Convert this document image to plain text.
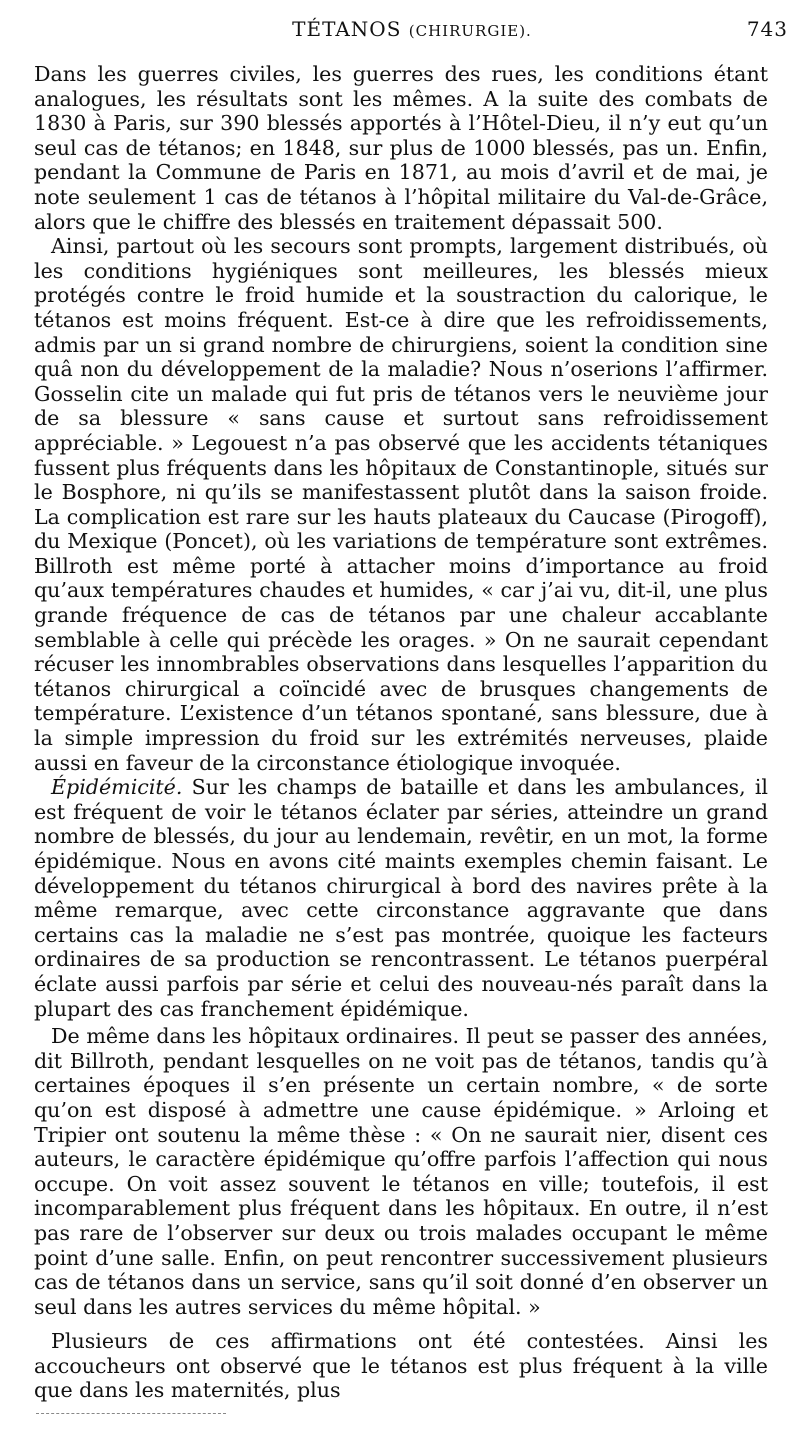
TÉTANOS (CHIRURGIE).	743

Dans les guerres civiles, les guerres des rues, les conditions étant analogues, les résultats sont les mêmes. A la suite des combats de 1830 à Paris, sur 390 blessés apportés à l’Hôtel-Dieu, il n’y eut qu’un seul cas de tétanos; en 1848, sur plus de 1000 blessés, pas un. Enfin, pendant la Commune de Paris en 1871, au mois d’avril et de mai, je note seulement 1 cas de tétanos à l’hôpital militaire du Val-de-Grâce, alors que le chiffre des blessés en traitement dépassait 500.

Ainsi, partout où les secours sont prompts, largement distribués, où les conditions hygiéniques sont meilleures, les blessés mieux protégés contre le froid humide et la soustraction du calorique, le tétanos est moins fréquent. Est-ce à dire que les refroidissements, admis par un si grand nombre de chirurgiens, soient la condition sine quâ non du développement de la maladie? Nous n’oserions l’affirmer. Gosselin cite un malade qui fut pris de tétanos vers le neuvième jour de sa blessure « sans cause et surtout sans refroidissement appréciable. » Legouest n’a pas observé que les accidents tétaniques fussent plus fréquents dans les hôpitaux de Constantinople, situés sur le Bosphore, ni qu’ils se manifestassent plutôt dans la saison froide. La complication est rare sur les hauts plateaux du Caucase (Pirogoff), du Mexique (Poncet), où les variations de température sont extrêmes. Billroth est même porté à attacher moins d’importance au froid qu’aux températures chaudes et humides, « car j’ai vu, dit-il, une plus grande fréquence de cas de tétanos par une chaleur accablante semblable à celle qui précède les orages. » On ne saurait cependant récuser les innombrables observations dans lesquelles l’apparition du tétanos chirurgical a coïncidé avec de brusques changements de température. L’existence d’un tétanos spontané, sans blessure, due à la simple impression du froid sur les extrémités nerveuses, plaide aussi en faveur de la circonstance étiologique invoquée.

Épidémicité. Sur les champs de bataille et dans les ambulances, il est fréquent de voir le tétanos éclater par séries, atteindre un grand nombre de blessés, du jour au lendemain, revêtir, en un mot, la forme épidémique. Nous en avons cité maints exemples chemin faisant. Le développement du tétanos chirurgical à bord des navires prête à la même remarque, avec cette circonstance aggravante que dans certains cas la maladie ne s’est pas montrée, quoique les facteurs ordinaires de sa production se rencontrassent. Le tétanos puerpéral éclate aussi parfois par série et celui des nouveau-nés paraît dans la plupart des cas franchement épidémique.

De même dans les hôpitaux ordinaires. Il peut se passer des années, dit Billroth, pendant lesquelles on ne voit pas de tétanos, tandis qu’à certaines époques il s’en présente un certain nombre, « de sorte qu’on est disposé à admettre une cause épidémique. » Arloing et Tripier ont soutenu la même thèse : « On ne saurait nier, disent ces auteurs, le caractère épidémique qu’offre parfois l’affection qui nous occupe. On voit assez souvent le tétanos en ville; toutefois, il est incomparablement plus fréquent dans les hôpitaux. En outre, il n’est pas rare de l’observer sur deux ou trois malades occupant le même point d’une salle. Enfin, on peut rencontrer successivement plusieurs cas de tétanos dans un service, sans qu’il soit donné d’en observer un seul dans les autres services du même hôpital. »

Plusieurs de ces affirmations ont été contestées. Ainsi les accoucheurs ont observé que le tétanos est plus fréquent à la ville que dans les maternités, plus
